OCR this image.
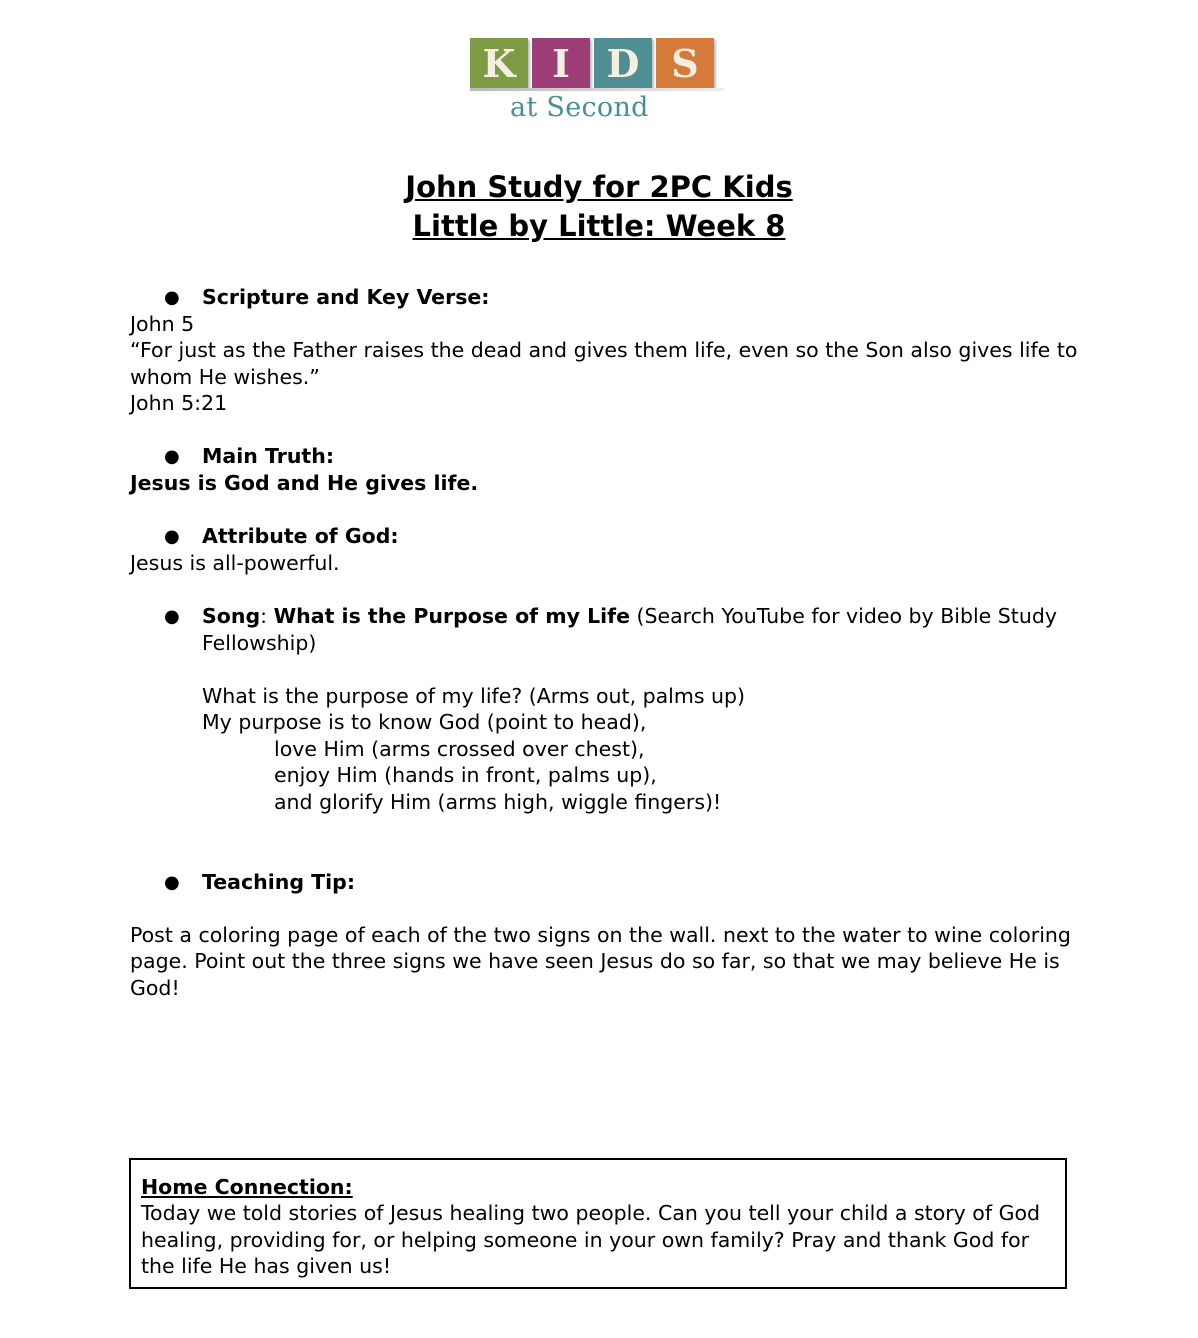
K I D S
at Second
John Study for 2PC Kids
Little by Little: Week 8
● Scripture and Key Verse:
John 5
“For just as the Father raises the dead and gives them life, even so the Son also gives life to
whom He wishes.”
John 5:21
● Main Truth:
Jesus is God and He gives life.
● Attribute of God:
Jesus is all-powerful.
● Song: What is the Purpose of my Life (Search YouTube for video by Bible Study
Fellowship)
What is the purpose of my life? (Arms out, palms up)
My purpose is to know God (point to head),
love Him (arms crossed over chest),
enjoy Him (hands in front, palms up),
and glorify Him (arms high, wiggle fingers)!
● Teaching Tip:
Post a coloring page of each of the two signs on the wall. next to the water to wine coloring
page. Point out the three signs we have seen Jesus do so far, so that we may believe He is
God!
Home Connection:
Today we told stories of Jesus healing two people. Can you tell your child a story of God healing, providing for, or helping someone in your own family? Pray and thank God for the life He has given us!
